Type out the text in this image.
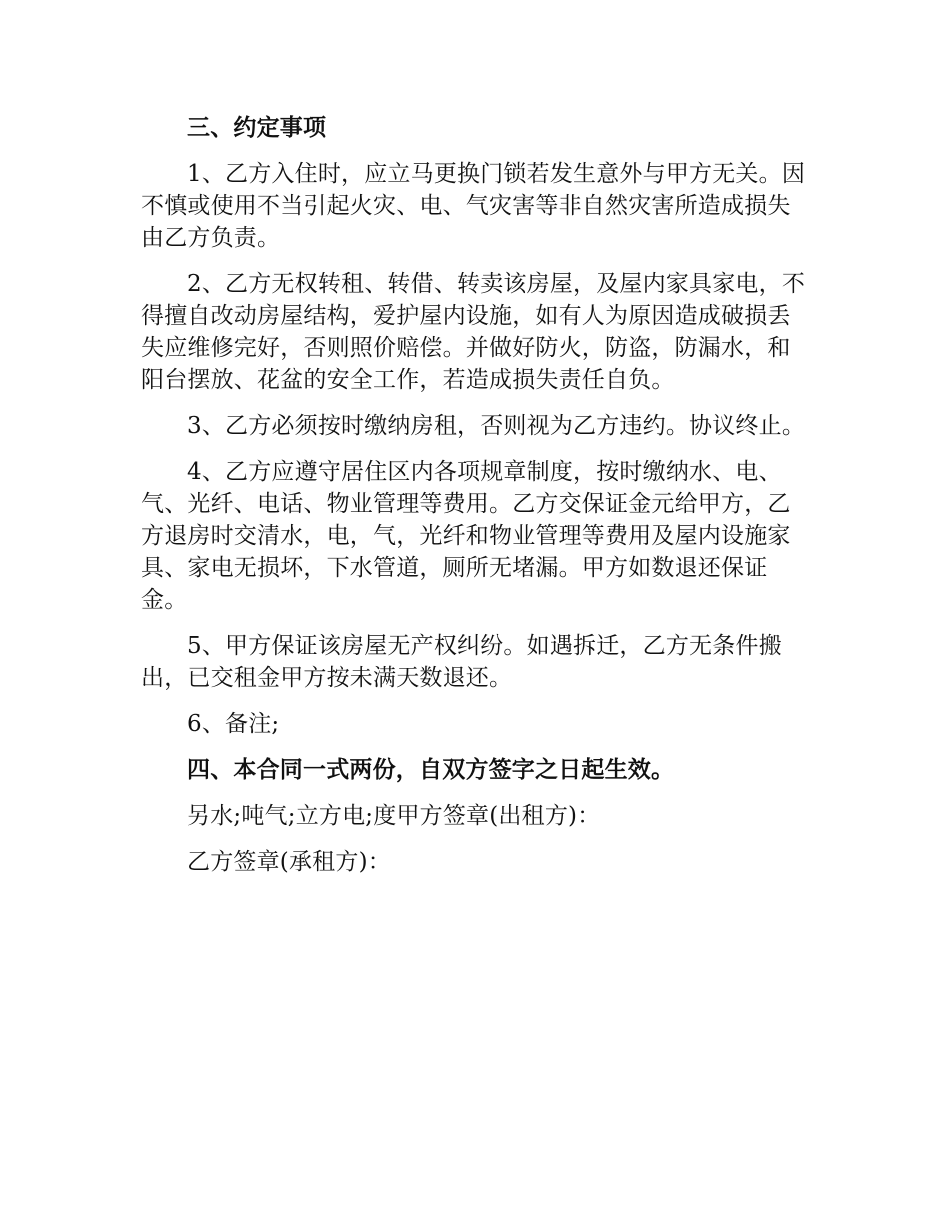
三、约定事项

1、乙方入住时，应立马更换门锁若发生意外与甲方无关。因不慎或使用不当引起火灾、电、气灾害等非自然灾害所造成损失由乙方负责。

2、乙方无权转租、转借、转卖该房屋，及屋内家具家电，不得擅自改动房屋结构，爱护屋内设施，如有人为原因造成破损丢失应维修完好，否则照价赔偿。并做好防火，防盗，防漏水，和阳台摆放、花盆的安全工作，若造成损失责任自负。

3、乙方必须按时缴纳房租，否则视为乙方违约。协议终止。

4、乙方应遵守居住区内各项规章制度，按时缴纳水、电、气、光纤、电话、物业管理等费用。乙方交保证金元给甲方，乙方退房时交清水，电，气，光纤和物业管理等费用及屋内设施家具、家电无损坏，下水管道，厕所无堵漏。甲方如数退还保证金。

5、甲方保证该房屋无产权纠纷。如遇拆迁，乙方无条件搬出，已交租金甲方按未满天数退还。

6、备注;

四、本合同一式两份，自双方签字之日起生效。

另水;吨气;立方电;度甲方签章(出租方)：

乙方签章(承租方)：
